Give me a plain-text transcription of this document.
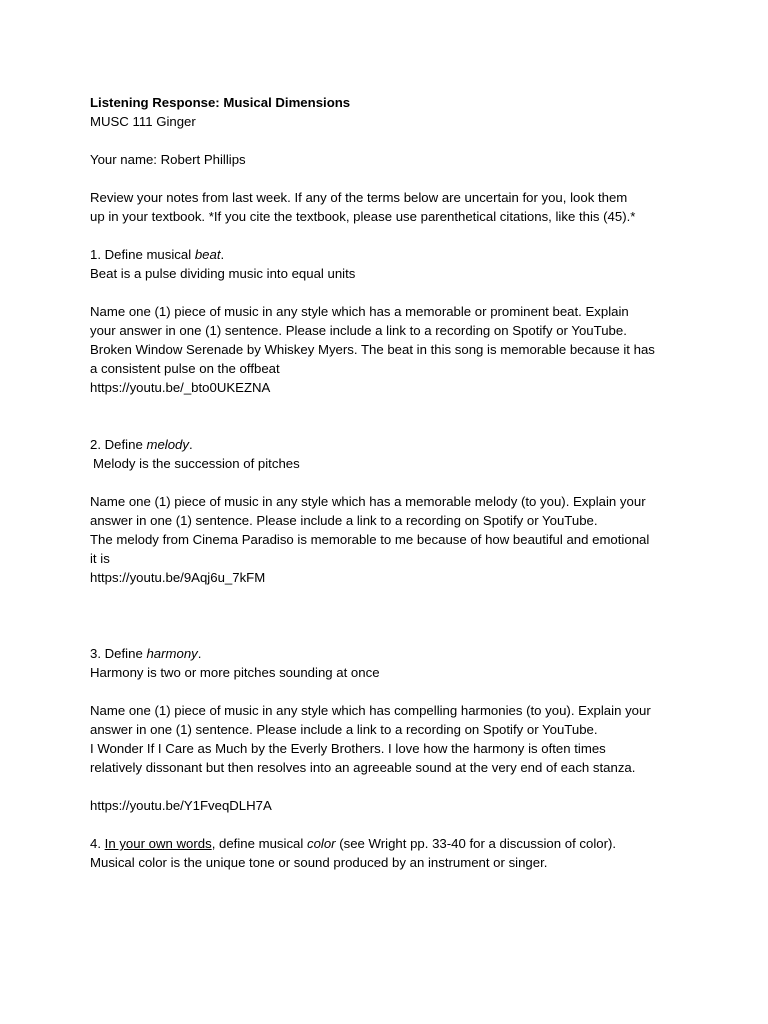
Listening Response: Musical Dimensions
MUSC 111 Ginger
Your name: Robert Phillips
Review your notes from last week. If any of the terms below are uncertain for you, look them
up in your textbook. *If you cite the textbook, please use parenthetical citations, like this (45).*
1. Define musical beat.
Beat is a pulse dividing music into equal units
Name one (1) piece of music in any style which has a memorable or prominent beat. Explain
your answer in one (1) sentence. Please include a link to a recording on Spotify or YouTube.
Broken Window Serenade by Whiskey Myers. The beat in this song is memorable because it has
a consistent pulse on the offbeat
https://youtu.be/_bto0UKEZNA
2. Define melody.
Melody is the succession of pitches
Name one (1) piece of music in any style which has a memorable melody (to you). Explain your
answer in one (1) sentence. Please include a link to a recording on Spotify or YouTube.
The melody from Cinema Paradiso is memorable to me because of how beautiful and emotional
it is
https://youtu.be/9Aqj6u_7kFM
3. Define harmony.
Harmony is two or more pitches sounding at once
Name one (1) piece of music in any style which has compelling harmonies (to you). Explain your
answer in one (1) sentence. Please include a link to a recording on Spotify or YouTube.
I Wonder If I Care as Much by the Everly Brothers. I love how the harmony is often times
relatively dissonant but then resolves into an agreeable sound at the very end of each stanza.
https://youtu.be/Y1FveqDLH7A
4. In your own words, define musical color (see Wright pp. 33-40 for a discussion of color).
Musical color is the unique tone or sound produced by an instrument or singer.
